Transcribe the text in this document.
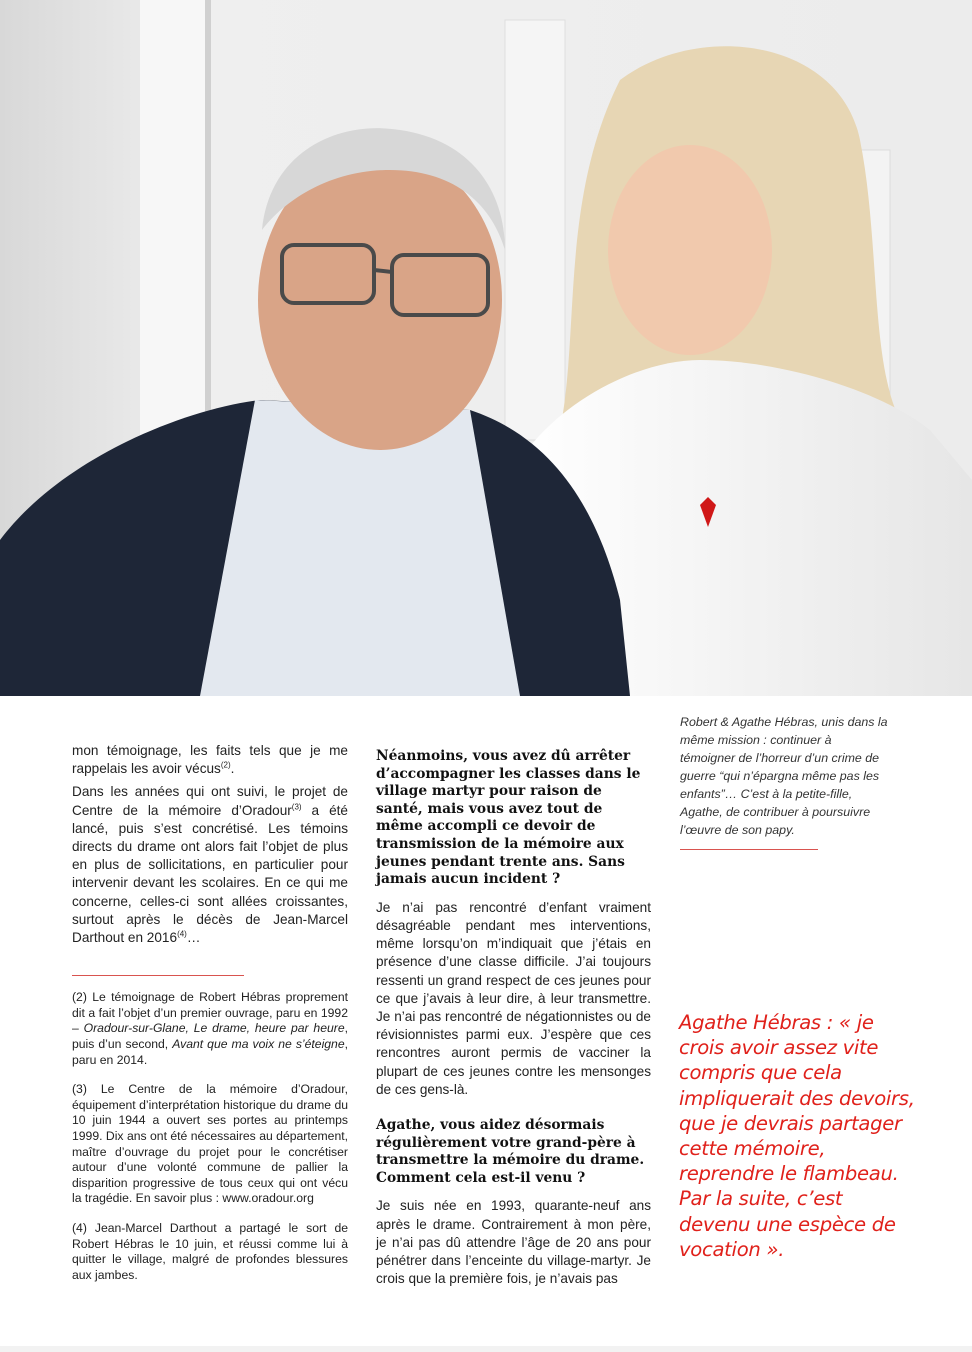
mon témoignage, les faits tels que je me rappelais les avoir vécus$^{(2)}$.

Dans les années qui ont suivi, le projet de Centre de la mémoire d’Oradour$^{(3)}$ a été lancé, puis s’est concrétisé. Les témoins directs du drame ont alors fait l’objet de plus en plus de sollicitations, en particulier pour intervenir devant les scolaires. En ce qui me concerne, celles-ci sont allées croissantes, surtout après le décès de Jean-Marcel Darthout en 2016$^{(4)}$…

(2) Le témoignage de Robert Hébras proprement dit a fait l’objet d’un premier ouvrage, paru en 1992 – Oradour-sur-Glane, Le drame, heure par heure, puis d’un second, Avant que ma voix ne s’éteigne, paru en 2014.

(3) Le Centre de la mémoire d’Oradour, équipement d’interprétation historique du drame du 10 juin 1944 a ouvert ses portes au printemps 1999. Dix ans ont été nécessaires au département, maître d’ouvrage du projet pour le concrétiser autour d’une volonté commune de pallier la disparition progressive de tous ceux qui ont vécu la tragédie. En savoir plus : www.oradour.org

(4) Jean-Marcel Darthout a partagé le sort de Robert Hébras le 10 juin, et réussi comme lui à quitter le village, malgré de profondes blessures aux jambes.

Néanmoins, vous avez dû arrêter d’accompagner les classes dans le village martyr pour raison de santé, mais vous avez tout de même accompli ce devoir de transmission de la mémoire aux jeunes pendant trente ans. Sans jamais aucun incident ?

Je n’ai pas rencontré d’enfant vraiment désagréable pendant mes interventions, même lorsqu’on m’indiquait que j’étais en présence d’une classe difficile. J’ai toujours ressenti un grand respect de ces jeunes pour ce que j’avais à leur dire, à leur transmettre. Je n’ai pas rencontré de négationnistes ou de révisionnistes parmi eux. J’espère que ces rencontres auront permis de vacciner la plupart de ces jeunes contre les mensonges de ces gens-là.

Agathe, vous aidez désormais régulièrement votre grand-père à transmettre la mémoire du drame. Comment cela est-il venu ?

Je suis née en 1993, quarante-neuf ans après le drame. Contrairement à mon père, je n’ai pas dû attendre l’âge de 20 ans pour pénétrer dans l’enceinte du village-martyr. Je crois que la première fois, je n’avais pas

Robert & Agathe Hébras, unis dans la même mission : continuer à témoigner de l’horreur d’un crime de guerre “qui n’épargna même pas les enfants”… C’est à la petite-fille, Agathe, de contribuer à poursuivre l’œuvre de son papy.

Agathe Hébras : « je crois avoir assez vite compris que cela impliquerait des devoirs, que je devrais partager cette mémoire, reprendre le flambeau.
Par la suite, c’est devenu une espèce de vocation ».
